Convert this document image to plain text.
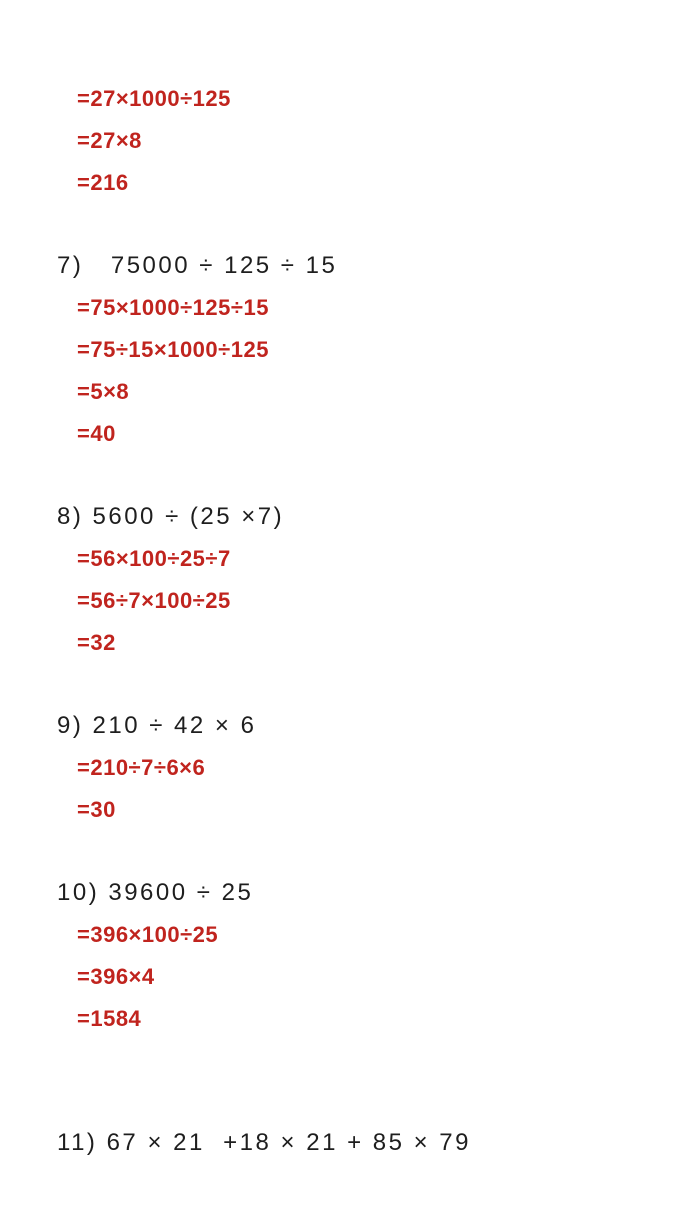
=27×1000÷125
=27×8
=216
7)   75000 ÷ 125 ÷ 15
=75×1000÷125÷15
=75÷15×1000÷125
=5×8
=40
8) 5600 ÷ (25 ×7)
=56×100÷25÷7
=56÷7×100÷25
=32
9) 210 ÷ 42 × 6
=210÷7÷6×6
=30
10) 39600 ÷ 25
=396×100÷25
=396×4
=1584
11) 67 × 21  +18 × 21 + 85 × 79
